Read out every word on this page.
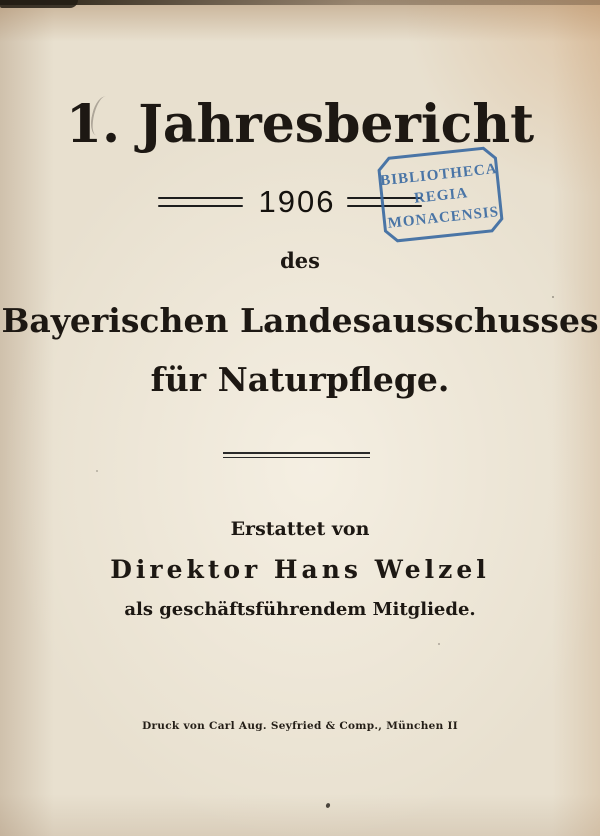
1. Jahresbericht
1906
BIBLIOTHECA
REGIA
MONACENSIS
des
Bayerischen Landesausschusses
für Naturpflege.
Erstattet von
Direktor Hans Welzel
als geschäftsführendem Mitgliede.
Druck von Carl Aug. Seyfried & Comp., München II
